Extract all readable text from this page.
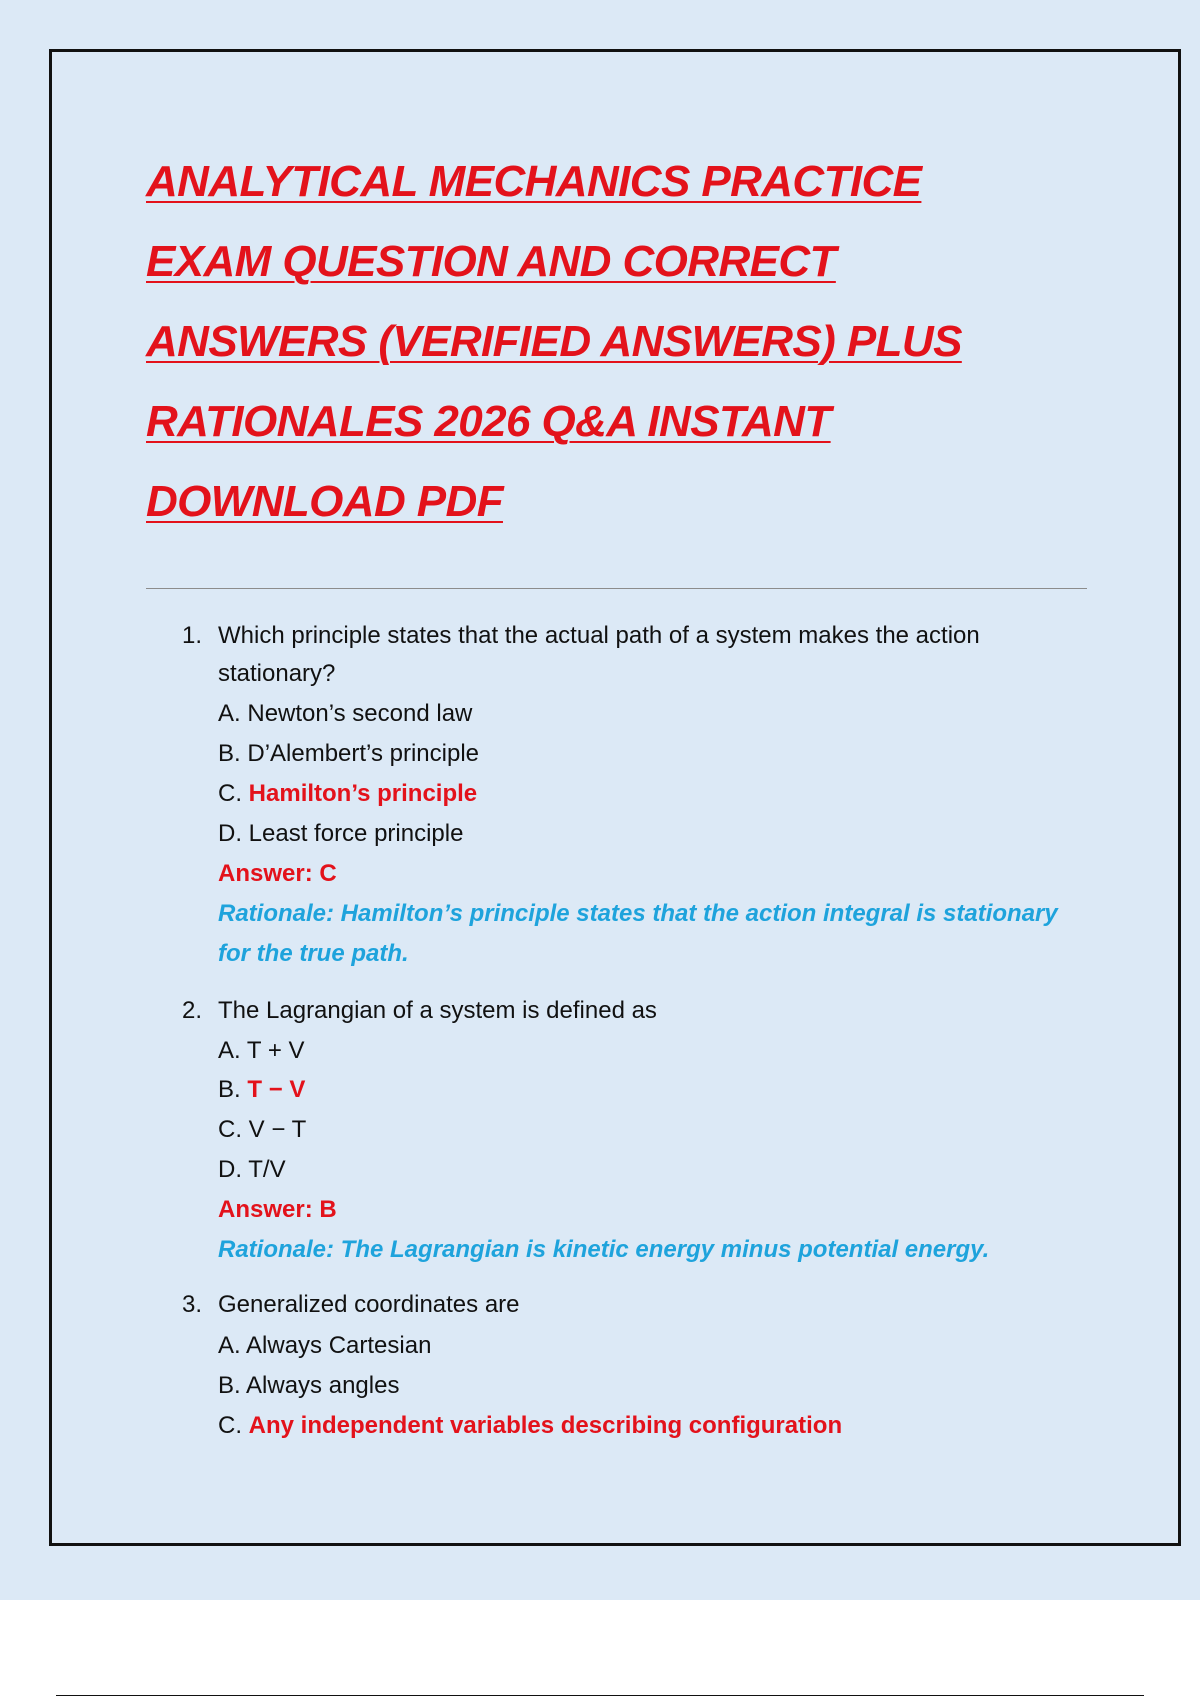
ANALYTICAL MECHANICS PRACTICE
EXAM QUESTION AND CORRECT
ANSWERS (VERIFIED ANSWERS) PLUS
RATIONALES 2026 Q&A INSTANT
DOWNLOAD PDF
1. Which principle states that the actual path of a system makes the action
stationary?
A. Newton’s second law
B. D’Alembert’s principle
C. Hamilton’s principle
D. Least force principle
Answer: C
Rationale: Hamilton’s principle states that the action integral is stationary
for the true path.
2. The Lagrangian of a system is defined as
A. T + V
B. T − V
C. V − T
D. T/V
Answer: B
Rationale: The Lagrangian is kinetic energy minus potential energy.
3. Generalized coordinates are
A. Always Cartesian
B. Always angles
C. Any independent variables describing configuration
